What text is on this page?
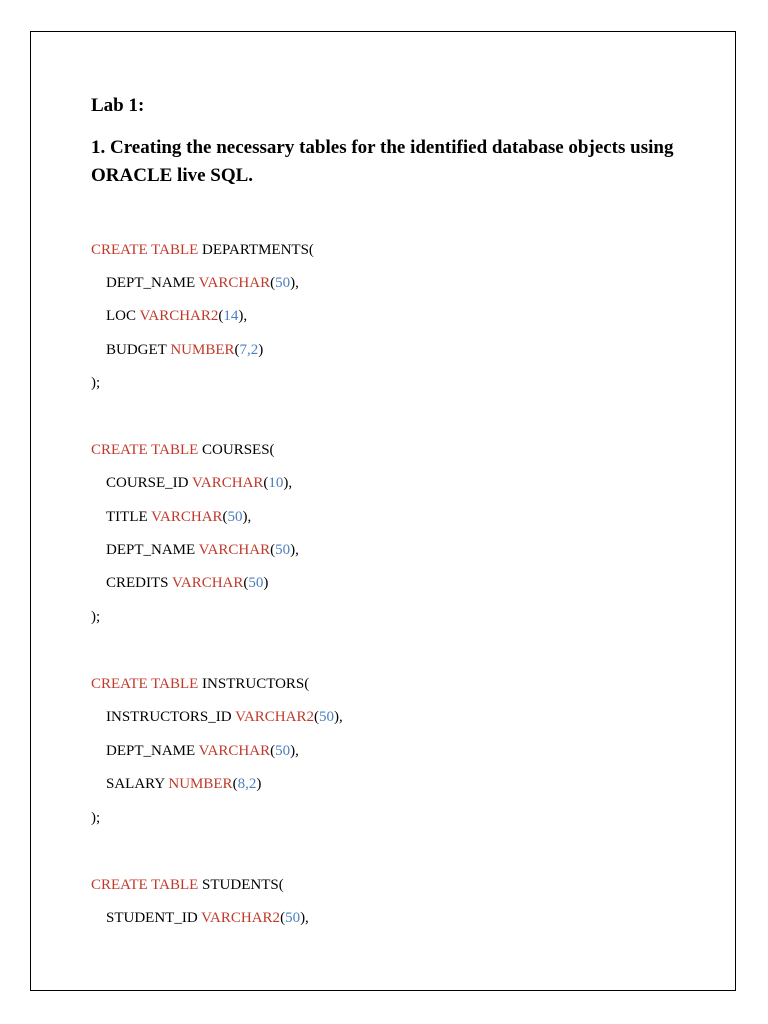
Lab 1:
1. Creating the necessary tables for the identified database objects using ORACLE live SQL.
CREATE TABLE DEPARTMENTS(
DEPT_NAME VARCHAR(50),
LOC VARCHAR2(14),
BUDGET NUMBER(7,2)
);
CREATE TABLE COURSES(
COURSE_ID VARCHAR(10),
TITLE VARCHAR(50),
DEPT_NAME VARCHAR(50),
CREDITS VARCHAR(50)
);
CREATE TABLE INSTRUCTORS(
INSTRUCTORS_ID VARCHAR2(50),
DEPT_NAME VARCHAR(50),
SALARY NUMBER(8,2)
);
CREATE TABLE STUDENTS(
STUDENT_ID VARCHAR2(50),
